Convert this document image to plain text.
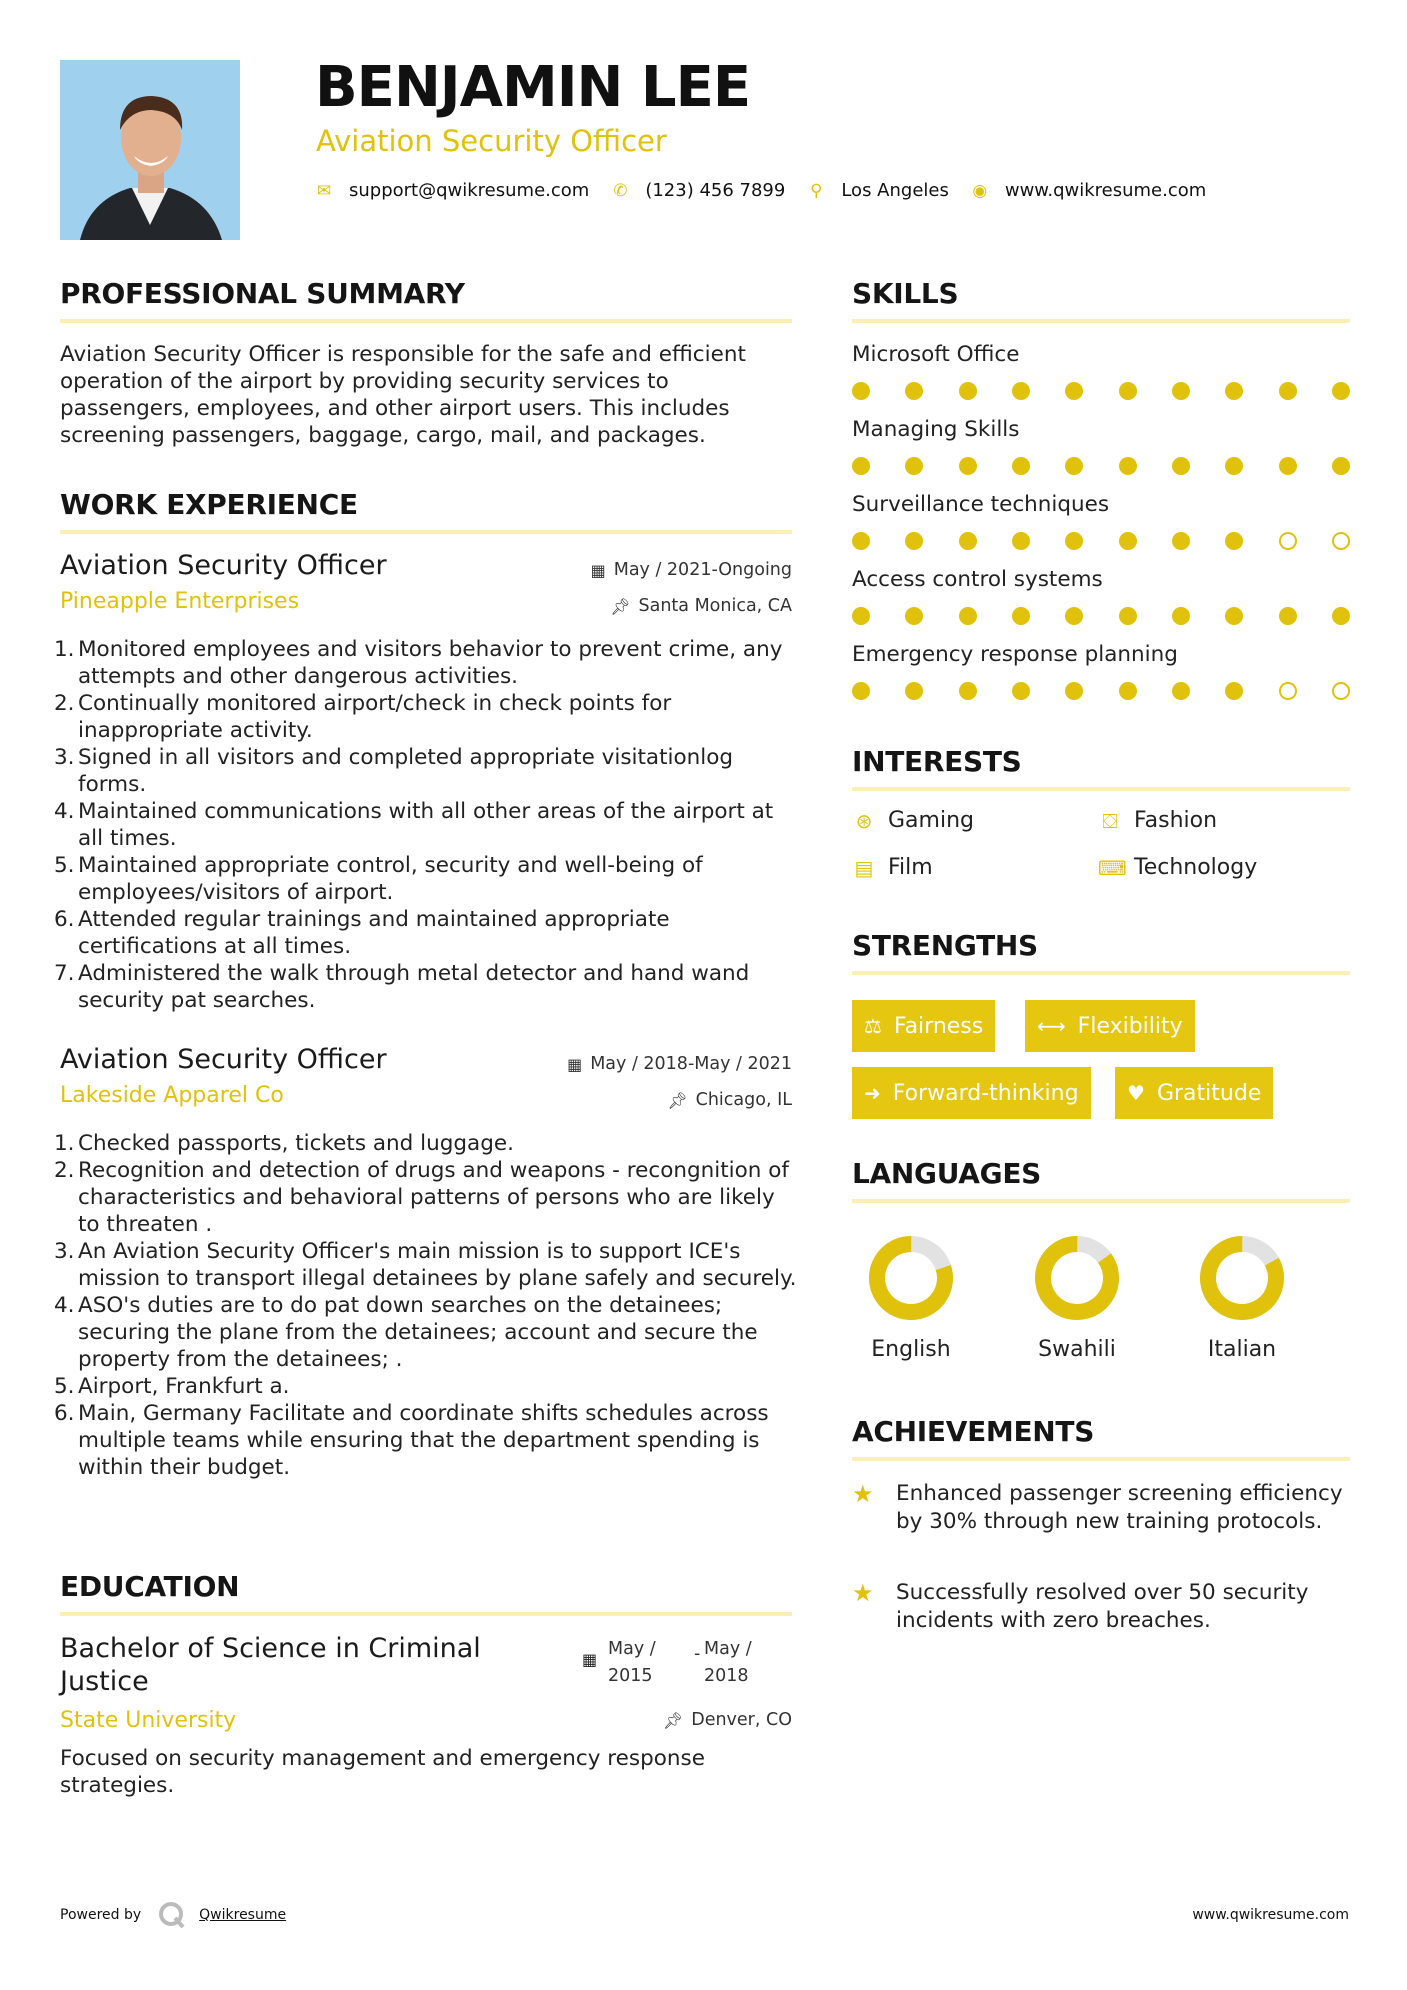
BENJAMIN LEE
Aviation Security Officer
✉ support@qwikresume.com ✆ (123) 456 7899 ⚲ Los Angeles ◉ www.qwikresume.com
PROFESSIONAL SUMMARY
Aviation Security Officer is responsible for the safe and efficient operation of the airport by providing security services to passengers, employees, and other airport users. This includes screening passengers, baggage, cargo, mail, and packages.
WORK EXPERIENCE
Aviation Security Officer
Pineapple Enterprises
▦ May / 2021-Ongoing
📌︎ Santa Monica, CA
1. Monitored employees and visitors behavior to prevent crime, any attempts and other dangerous activities.
2. Continually monitored airport/check in check points for inappropriate activity.
3. Signed in all visitors and completed appropriate visitationlog forms.
4. Maintained communications with all other areas of the airport at all times.
5. Maintained appropriate control, security and well-being of employees/visitors of airport.
6. Attended regular trainings and maintained appropriate certifications at all times.
7. Administered the walk through metal detector and hand wand security pat searches.
Aviation Security Officer
Lakeside Apparel Co
▦ May / 2018-May / 2021
📌︎ Chicago, IL
1. Checked passports, tickets and luggage.
2. Recognition and detection of drugs and weapons - recongnition of characteristics and behavioral patterns of persons who are likely to threaten .
3. An Aviation Security Officer's main mission is to support ICE's mission to transport illegal detainees by plane safely and securely.
4. ASO's duties are to do pat down searches on the detainees; securing the plane from the detainees; account and secure the property from the detainees; .
5. Airport, Frankfurt a.
6. Main, Germany Facilitate and coordinate shifts schedules across multiple teams while ensuring that the department spending is within their budget.
EDUCATION
Bachelor of Science in Criminal
Justice
▦
May /
2015
- May /
2018
State University	📌︎ Denver, CO
Focused on security management and emergency response strategies.
SKILLS
Microsoft Office
Managing Skills
Surveillance techniques
Access control systems
Emergency response planning
INTERESTS
⊛ Gaming	⛋ Fashion
▤ Film	⌨ Technology
STRENGTHS
⚖ Fairness	⟷ Flexibility
➜ Forward-thinking ♥ Gratitude
LANGUAGES
English	Swahili	Italian
ACHIEVEMENTS
★	Enhanced passenger screening efficiency by 30% through new training protocols.
★	Successfully resolved over 50 security incidents with zero breaches.
Powered by	Qwikresume	www.qwikresume.com
